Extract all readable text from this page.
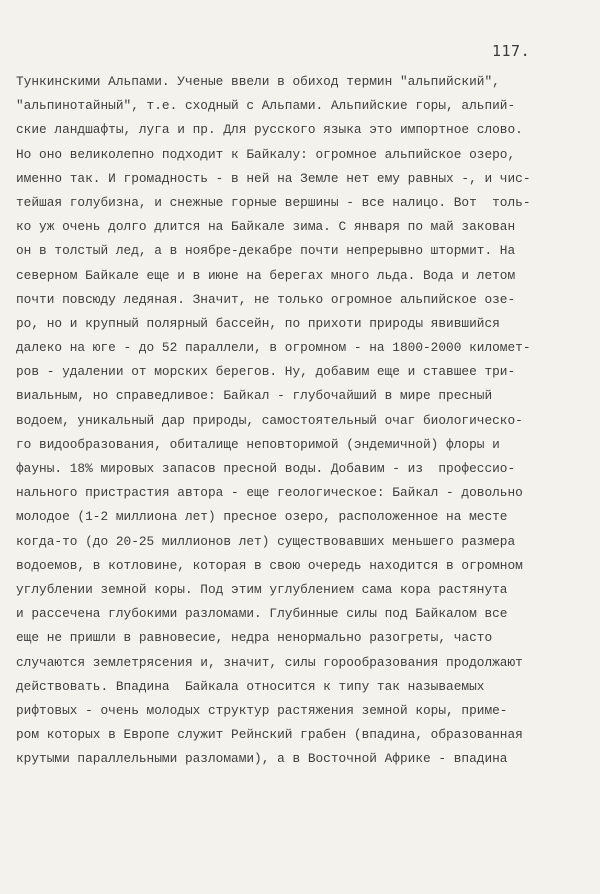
117.
Тункинскими Альпами. Ученые ввели в обиход термин "альпийский",
"альпинотайный", т.е. сходный с Альпами. Альпийские горы, альпий-
ские ландшафты, луга и пр. Для русского языка это импортное слово.
Но оно великолепно подходит к Байкалу: огромное альпийское озеро,
именно так. И громадность - в ней на Земле нет ему равных -, и чис-
тейшая голубизна, и снежные горные вершины - все налицо. Вот  толь-
ко уж очень долго длится на Байкале зима. С января по май закован
он в толстый лед, а в ноябре-декабре почти непрерывно штормит. На
северном Байкале еще и в июне на берегах много льда. Вода и летом
почти повсюду ледяная. Значит, не только огромное альпийское озе-
ро, но и крупный полярный бассейн, по прихоти природы явившийся
далеко на юге - до 52 параллели, в огромном - на 1800-2000 километ-
ров - удалении от морских берегов. Ну, добавим еще и ставшее три-
виальным, но справедливое: Байкал - глубочайший в мире пресный
водоем, уникальный дар природы, самостоятельный очаг биологическо-
го видообразования, обиталище неповторимой (эндемичной) флоры и
фауны. 18% мировых запасов пресной воды. Добавим - из  профессио-
нального пристрастия автора - еще геологическое: Байкал - довольно
молодое (1-2 миллиона лет) пресное озеро, расположенное на месте
когда-то (до 20-25 миллионов лет) существовавших меньшего размера
водоемов, в котловине, которая в свою очередь находится в огромном
углублении земной коры. Под этим углублением сама кора растянута
и рассечена глубокими разломами. Глубинные силы под Байкалом все
еще не пришли в равновесие, недра ненормально разогреты, часто
случаются землетрясения и, значит, силы горообразования продолжают
действовать. Впадина  Байкала относится к типу так называемых
рифтовых - очень молодых структур растяжения земной коры, приме-
ром которых в Европе служит Рейнский грабен (впадина, образованная
крутыми параллельными разломами), а в Восточной Африке - впадина
